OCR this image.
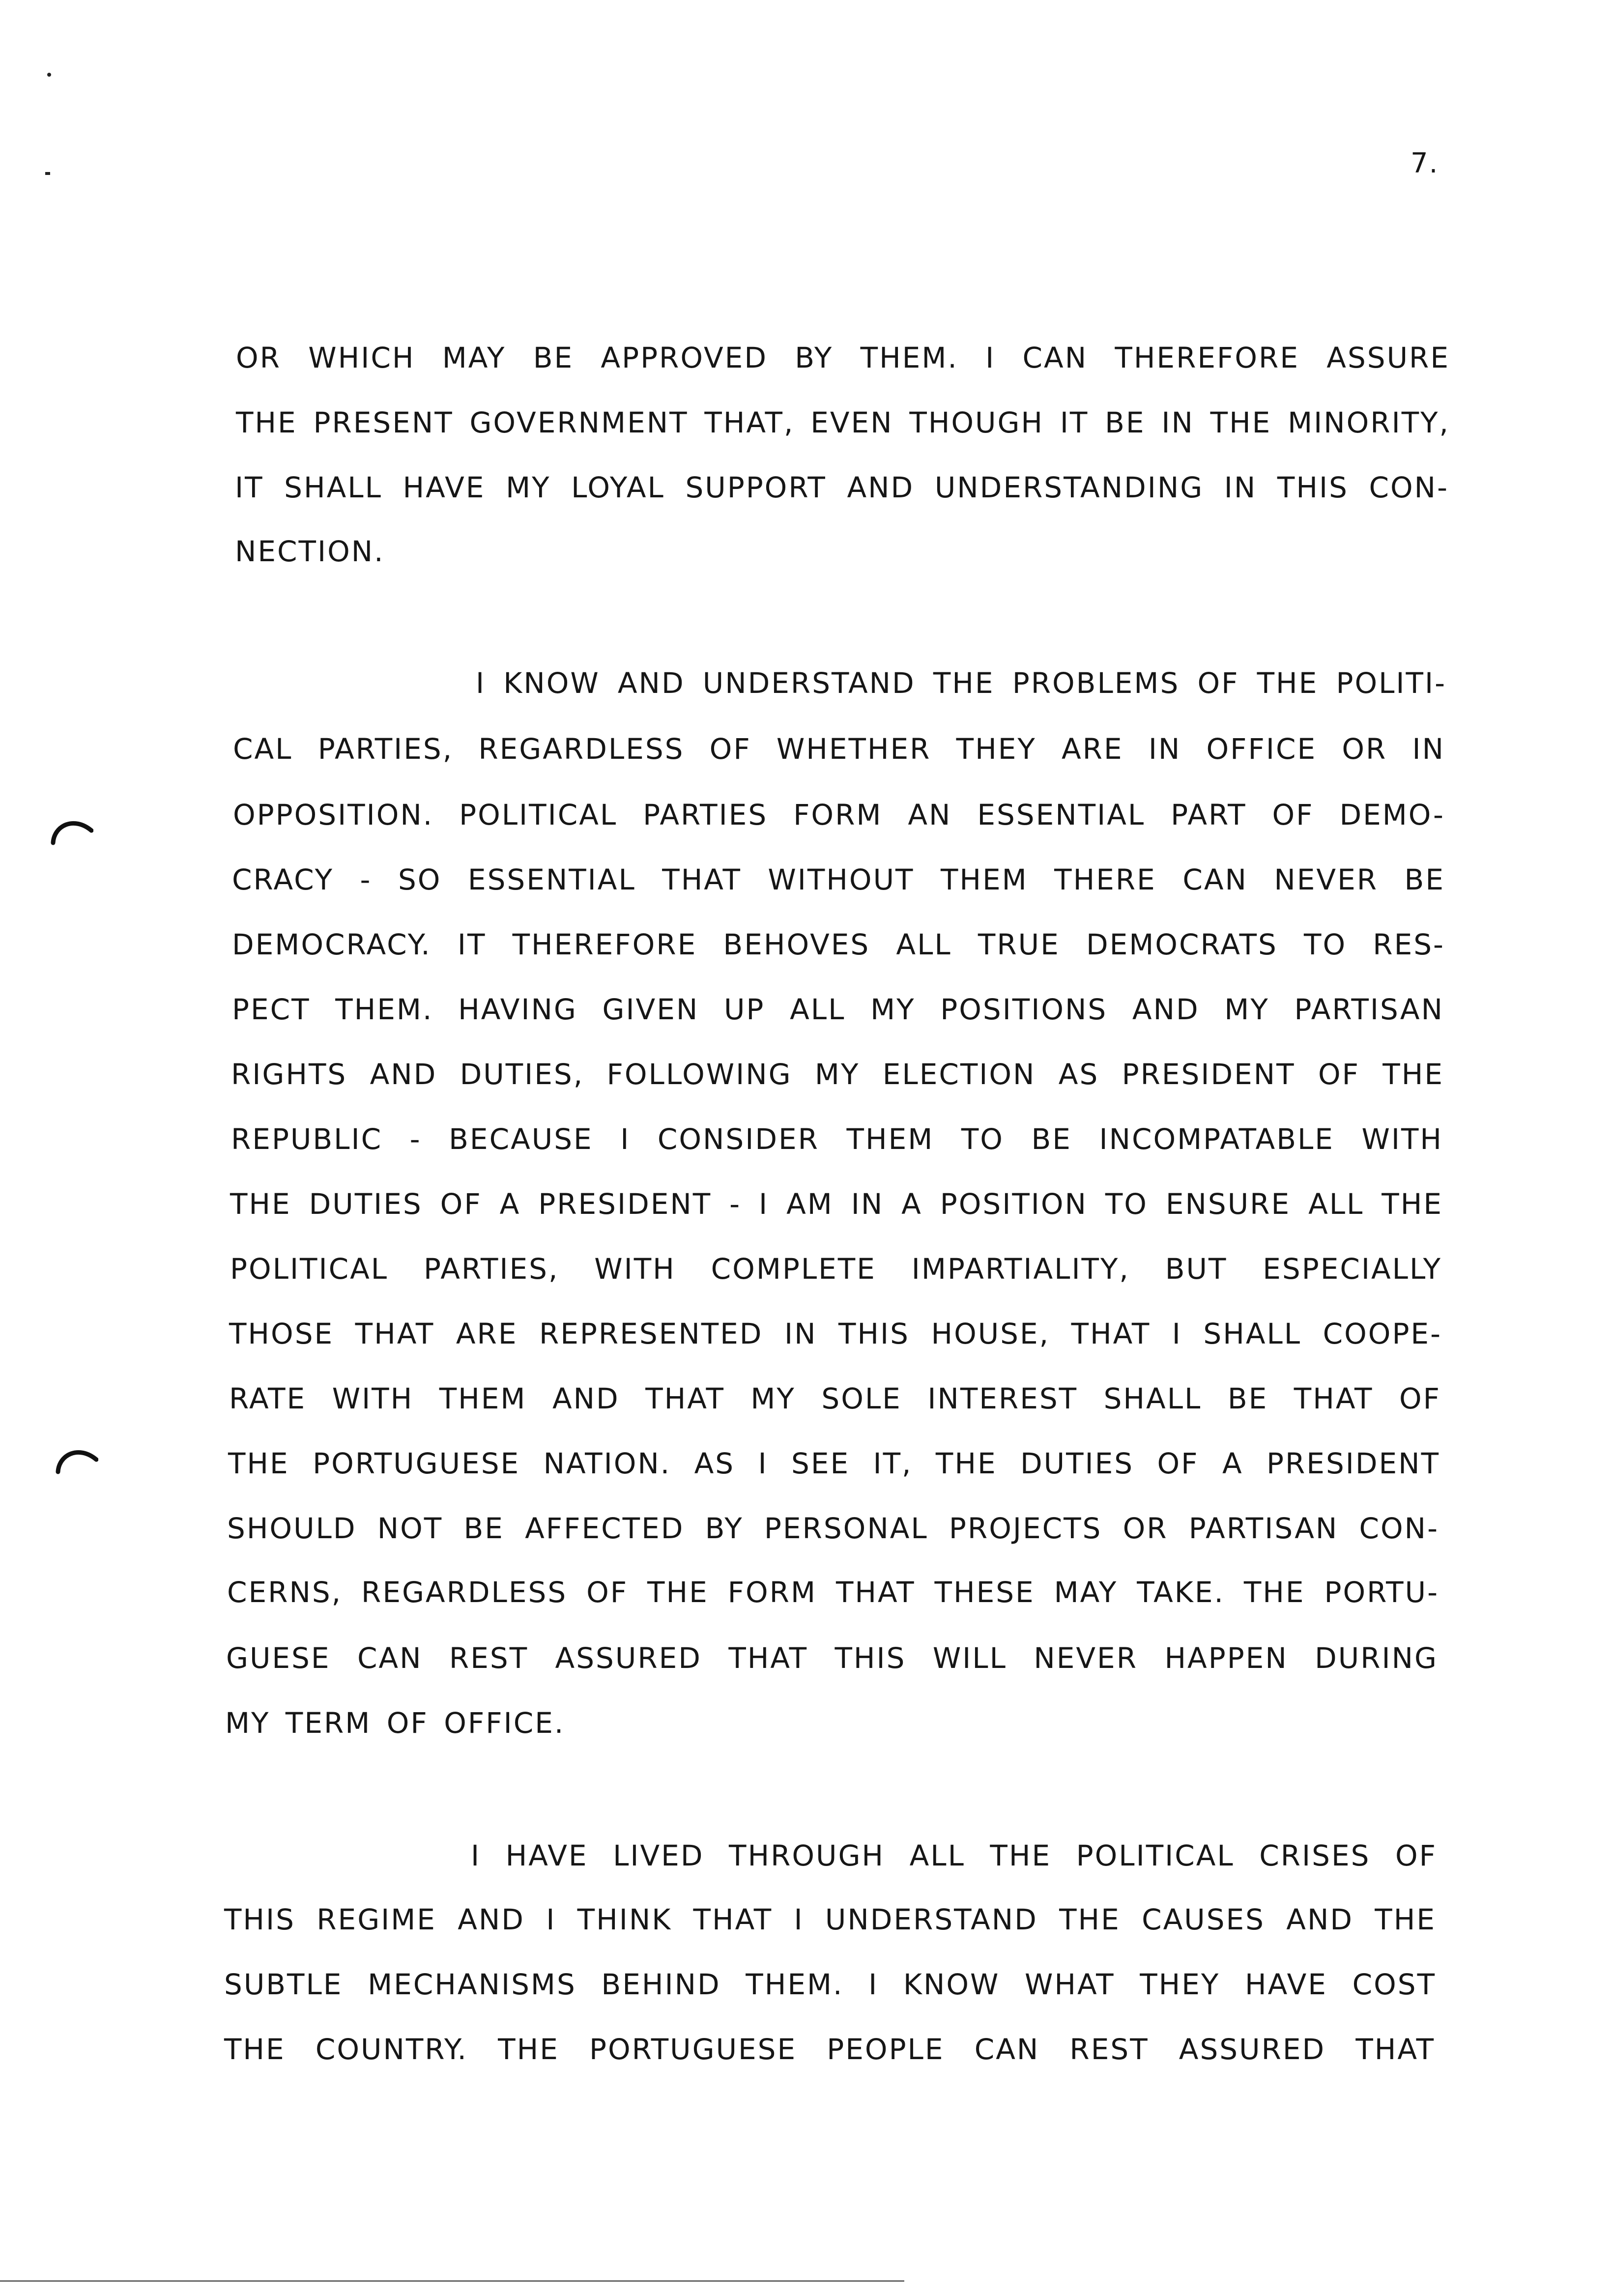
7.
OR WHICH MAY BE APPROVED BY THEM. I CAN THEREFORE ASSURE
THE PRESENT GOVERNMENT THAT, EVEN THOUGH IT BE IN THE MINORITY,
IT SHALL HAVE MY LOYAL SUPPORT AND UNDERSTANDING IN THIS CON-
NECTION.
I KNOW AND UNDERSTAND THE PROBLEMS OF THE POLITI-
CAL PARTIES, REGARDLESS OF WHETHER THEY ARE IN OFFICE OR IN
OPPOSITION. POLITICAL PARTIES FORM AN ESSENTIAL PART OF DEMO-
CRACY - SO ESSENTIAL THAT WITHOUT THEM THERE CAN NEVER BE
DEMOCRACY. IT THEREFORE BEHOVES ALL TRUE DEMOCRATS TO RES-
PECT THEM. HAVING GIVEN UP ALL MY POSITIONS AND MY PARTISAN
RIGHTS AND DUTIES, FOLLOWING MY ELECTION AS PRESIDENT OF THE
REPUBLIC - BECAUSE I CONSIDER THEM TO BE INCOMPATABLE WITH
THE DUTIES OF A PRESIDENT - I AM IN A POSITION TO ENSURE ALL THE
POLITICAL PARTIES, WITH COMPLETE IMPARTIALITY, BUT ESPECIALLY
THOSE THAT ARE REPRESENTED IN THIS HOUSE, THAT I SHALL COOPE-
RATE WITH THEM AND THAT MY SOLE INTEREST SHALL BE THAT OF
THE PORTUGUESE NATION. AS I SEE IT, THE DUTIES OF A PRESIDENT
SHOULD NOT BE AFFECTED BY PERSONAL PROJECTS OR PARTISAN CON-
CERNS, REGARDLESS OF THE FORM THAT THESE MAY TAKE. THE PORTU-
GUESE CAN REST ASSURED THAT THIS WILL NEVER HAPPEN DURING
MY TERM OF OFFICE.
I HAVE LIVED THROUGH ALL THE POLITICAL CRISES OF
THIS REGIME AND I THINK THAT I UNDERSTAND THE CAUSES AND THE
SUBTLE MECHANISMS BEHIND THEM. I KNOW WHAT THEY HAVE COST
THE COUNTRY. THE PORTUGUESE PEOPLE CAN REST ASSURED THAT
